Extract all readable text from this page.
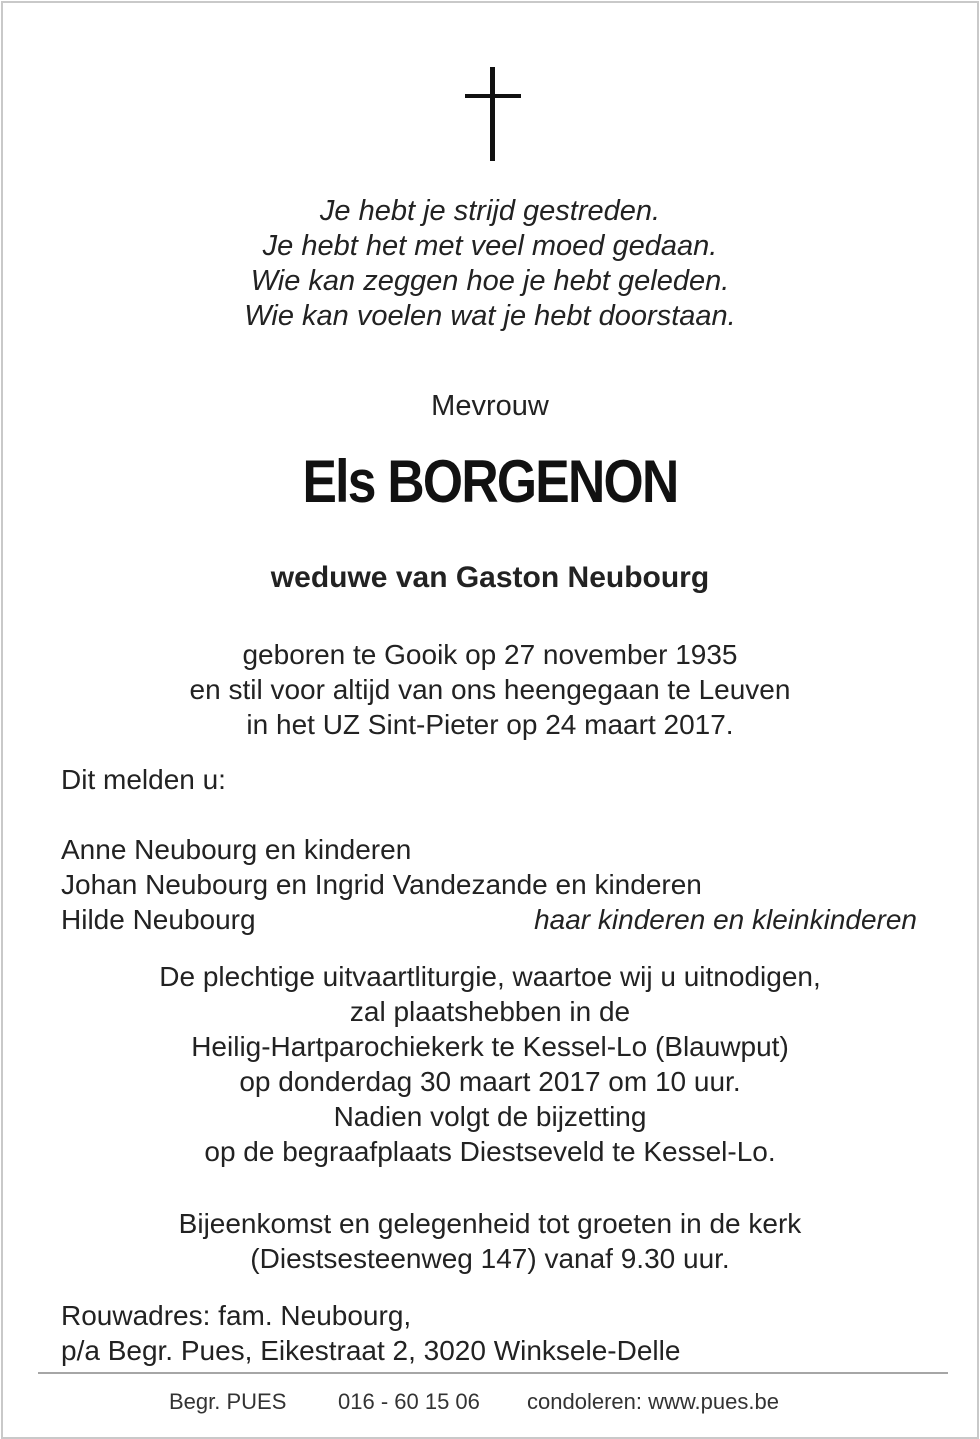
Je hebt je strijd gestreden.
Je hebt het met veel moed gedaan.
Wie kan zeggen hoe je hebt geleden.
Wie kan voelen wat je hebt doorstaan.
Mevrouw
Els BORGENON
weduwe van Gaston Neubourg
geboren te Gooik op 27 november 1935
en stil voor altijd van ons heengegaan te Leuven
in het UZ Sint-Pieter op 24 maart 2017.
Dit melden u:
Anne Neubourg en kinderen
Johan Neubourg en Ingrid Vandezande en kinderen
Hilde Neubourg	haar kinderen en kleinkinderen
De plechtige uitvaartliturgie, waartoe wij u uitnodigen,
zal plaatshebben in de
Heilig-Hartparochiekerk te Kessel-Lo (Blauwput)
op donderdag 30 maart 2017 om 10 uur.
Nadien volgt de bijzetting
op de begraafplaats Diestseveld te Kessel-Lo.
Bijeenkomst en gelegenheid tot groeten in de kerk
(Diestsesteenweg 147) vanaf 9.30 uur.
Rouwadres: fam. Neubourg,
p/a Begr. Pues, Eikestraat 2, 3020 Winksele-Delle
Begr. PUES 016 - 60 15 06 condoleren: www.pues.be
